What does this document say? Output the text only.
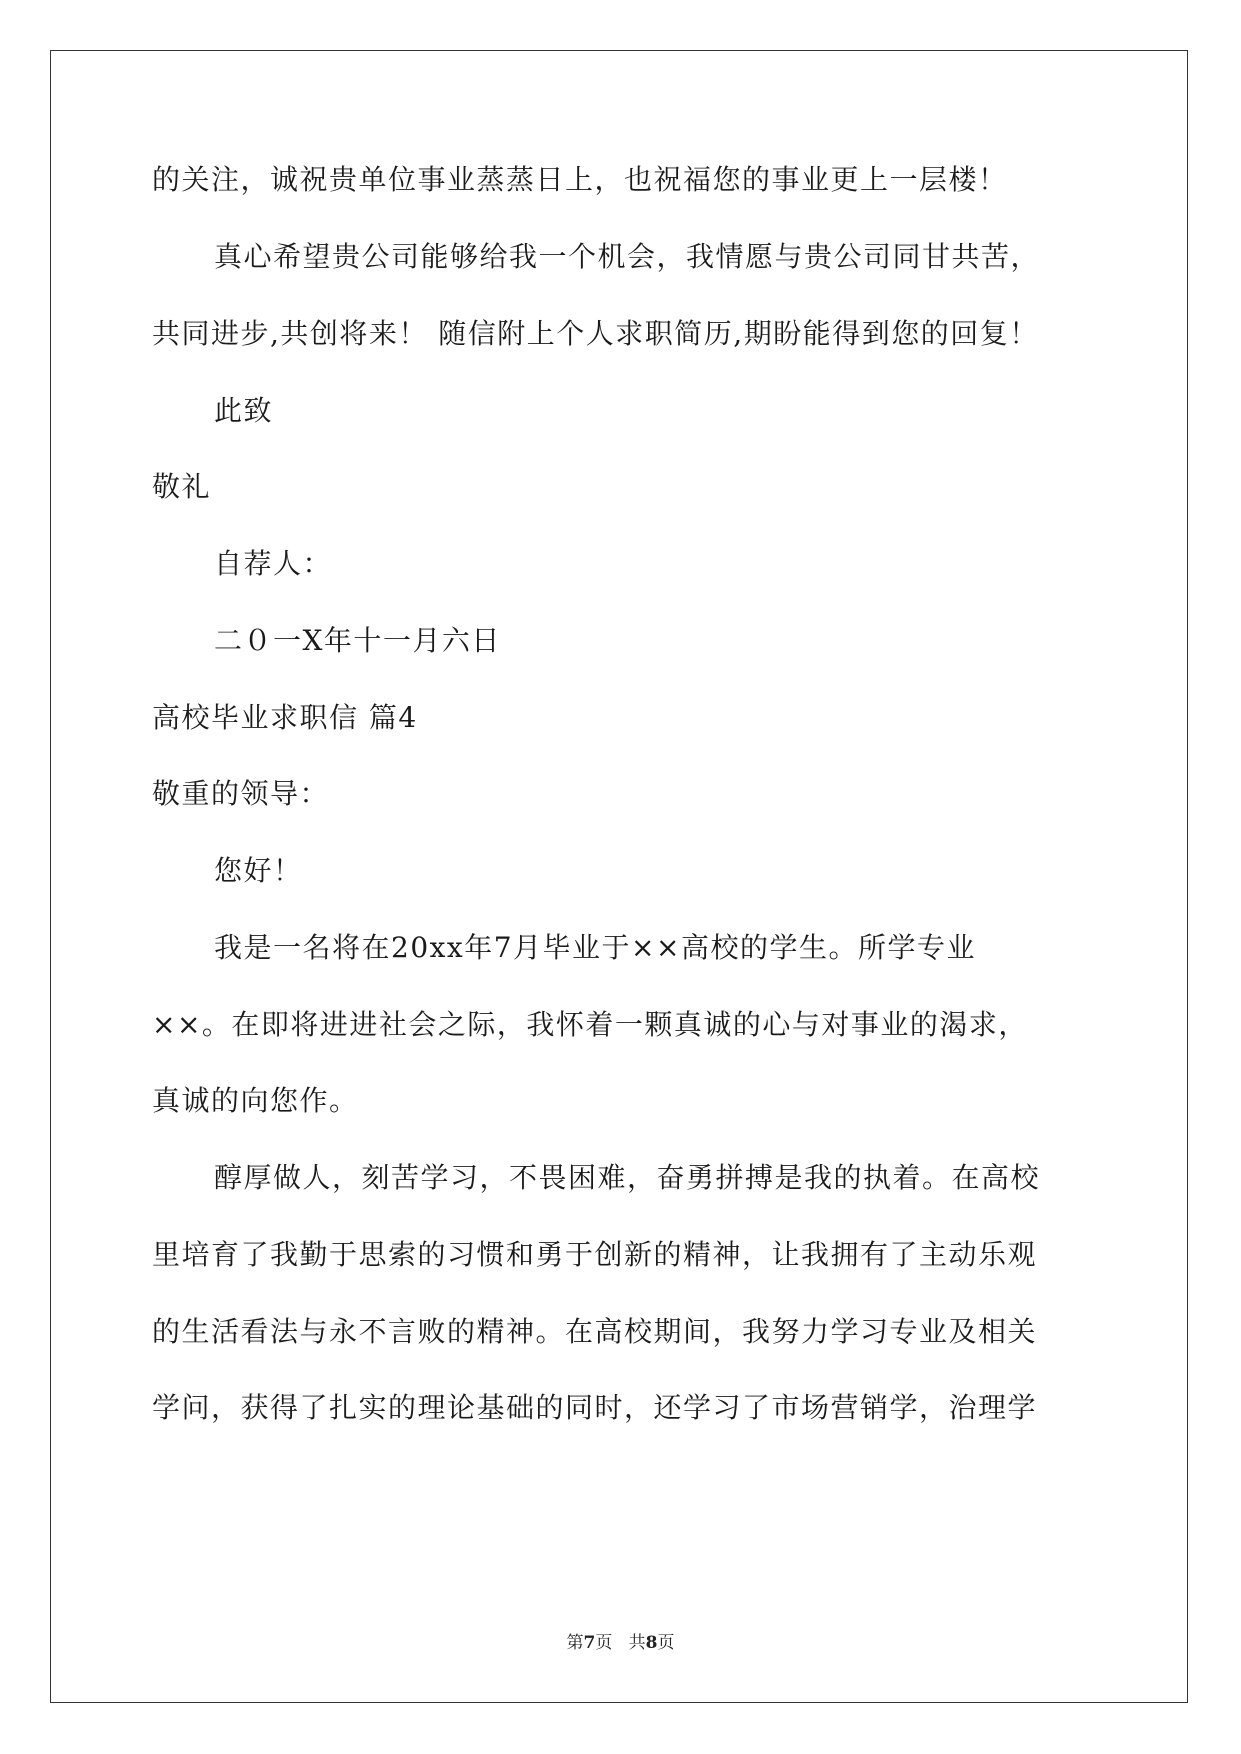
的关注，诚祝贵单位事业蒸蒸日上，也祝福您的事业更上一层楼！
真心希望贵公司能够给我一个机会，我情愿与贵公司同甘共苦，
共同进步,共创将来！ 随信附上个人求职简历,期盼能得到您的回复！
此致
敬礼
自荐人：
二０一X年十一月六日
高校毕业求职信 篇4
敬重的领导：
您好！
我是一名将在20xx年7月毕业于××高校的学生。所学专业
××。在即将进进社会之际，我怀着一颗真诚的心与对事业的渴求，
真诚的向您作。
醇厚做人，刻苦学习，不畏困难，奋勇拼搏是我的执着。在高校
里培育了我勤于思索的习惯和勇于创新的精神，让我拥有了主动乐观
的生活看法与永不言败的精神。在高校期间，我努力学习专业及相关
学问，获得了扎实的理论基础的同时，还学习了市场营销学，治理学
第7页 共8页
